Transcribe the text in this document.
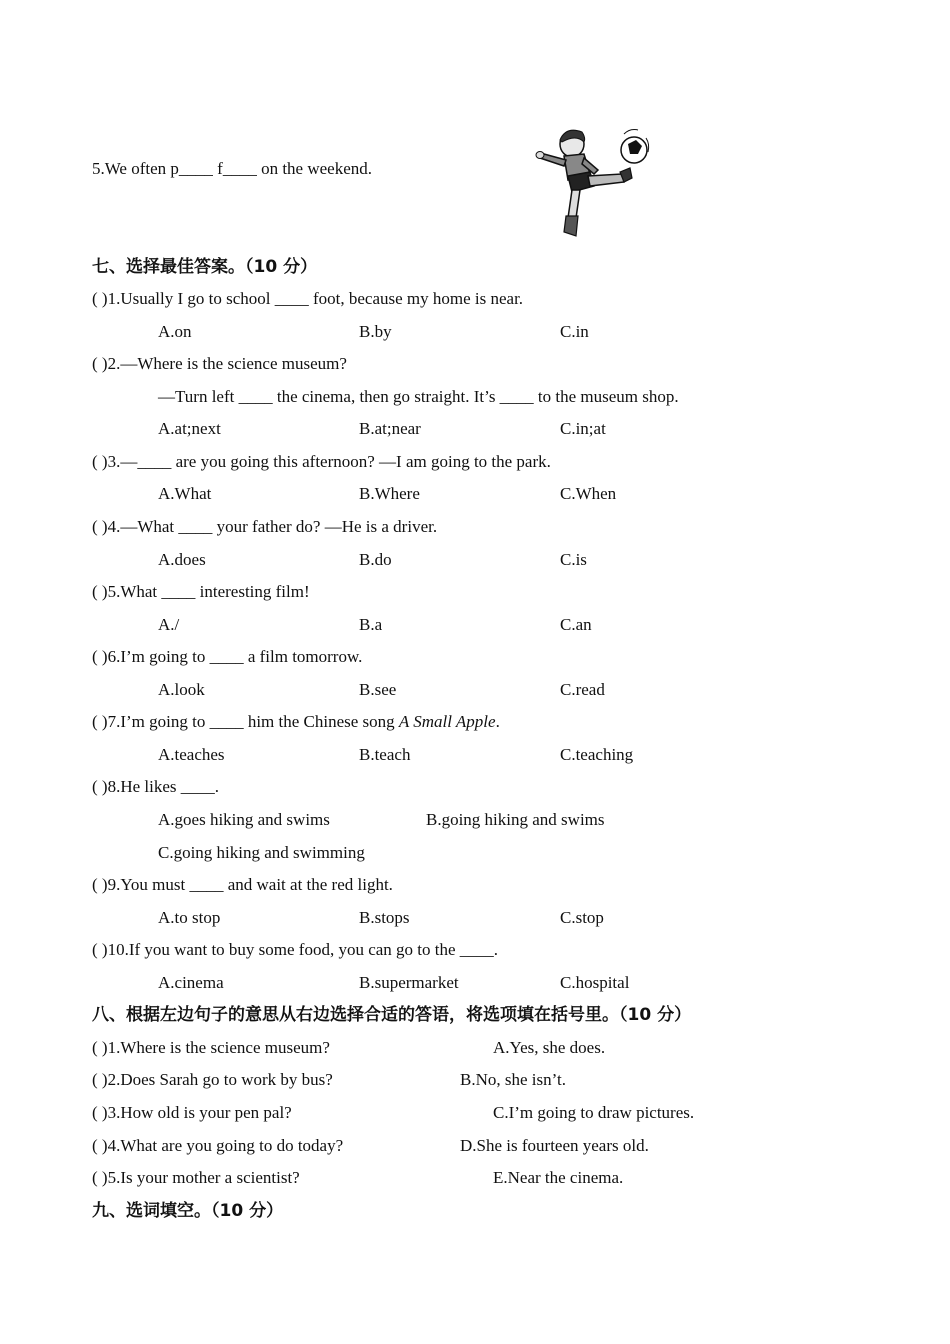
5.We often p____ f____ on the weekend.
七、选择最佳答案。（10 分）
( )1.Usually I go to school ____ foot, because my home is near.
A.on	B.by	C.in
( )2.—Where is the science museum?
—Turn left ____ the cinema, then go straight. It’s ____ to the museum shop.
A.at;next	B.at;near	C.in;at
( )3.—____ are you going this afternoon? —I am going to the park.
A.What	B.Where	C.When
( )4.—What ____ your father do? —He is a driver.
A.does	B.do	C.is
( )5.What ____ interesting film!
A./	B.a	C.an
( )6.I’m going to ____ a film tomorrow.
A.look	B.see	C.read
( )7.I’m going to ____ him the Chinese song A Small Apple.
A.teaches	B.teach	C.teaching
( )8.He likes ____.
A.goes hiking and swims	B.going hiking and swims
C.going hiking and swimming
( )9.You must ____ and wait at the red light.
A.to stop	B.stops	C.stop
( )10.If you want to buy some food, you can go to the ____.
A.cinema	B.supermarket	C.hospital
八、根据左边句子的意思从右边选择合适的答语，将选项填在括号里。（10 分）
( )1.Where is the science museum?	A.Yes, she does.
( )2.Does Sarah go to work by bus?	B.No, she isn’t.
( )3.How old is your pen pal?	C.I’m going to draw pictures.
( )4.What are you going to do today?	D.She is fourteen years old.
( )5.Is your mother a scientist?	E.Near the cinema.
九、选词填空。（10 分）
